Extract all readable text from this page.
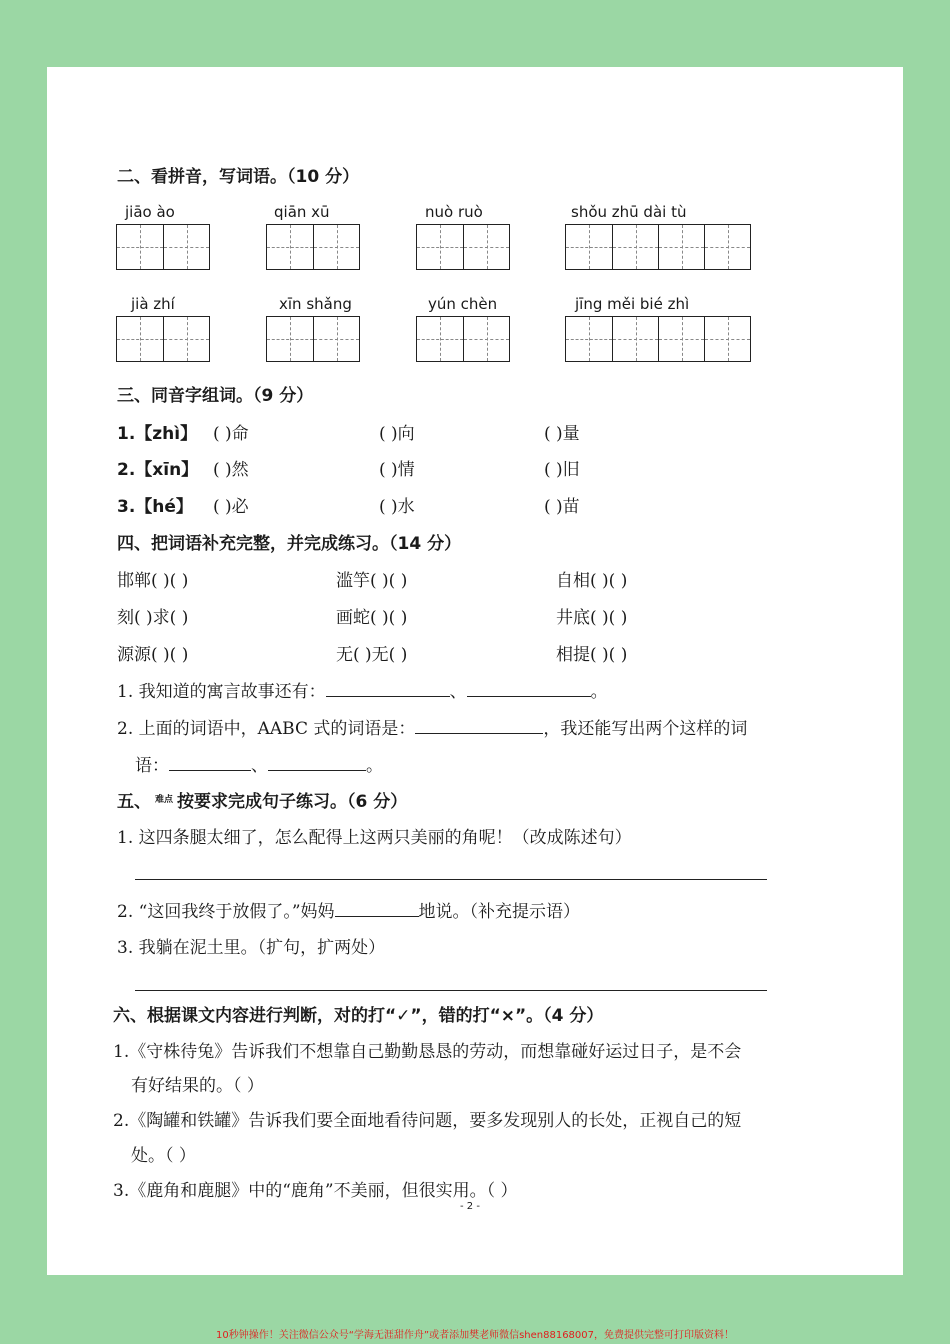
二、看拼音，写词语。（10 分）
jiāo ào	qiān xū	nuò ruò	shǒu zhū dài tù
jià zhí	xīn shǎng	yún chèn	jīng měi bié zhì
三、同音字组词。（9 分）
1.【zhì】 ( )命	( )向	( )量
2.【xīn】 ( )然	( )情	( )旧
3.【hé】 ( )必	( )水	( )苗
四、把词语补充完整，并完成练习。（14 分）
邯郸( )( )	滥竽( )( )	自相( )( )
刻( )求( )	画蛇( )( )	井底( )( )
源源( )( )	无( )无( )	相提( )( )
1. 我知道的寓言故事还有：	、	。
2. 上面的词语中，AABC 式的词语是：	，我还能写出两个这样的词
语：	、	。
五、 $^{难点}$ 按要求完成句子练习。（6 分）
1. 这四条腿太细了，怎么配得上这两只美丽的角呢！（改成陈述句）
2. “这回我终于放假了。”妈妈	地说。（补充提示语）
3. 我躺在泥土里。（扩句，扩两处）
六、根据课文内容进行判断，对的打“✓”，错的打“×”。（4 分）
1.《守株待兔》告诉我们不想靠自己勤勤恳恳的劳动，而想靠碰好运过日子，是不会
有好结果的。（ ）
2.《陶罐和铁罐》告诉我们要全面地看待问题，要多发现别人的长处，正视自己的短
处。（ ）
3.《鹿角和鹿腿》中的“鹿角”不美丽，但很实用。（ ）
- 2 -
10秒钟操作！关注微信公众号“学海无涯甜作舟”或者添加樊老师微信shen88168007，免费提供完整可打印版资料！
